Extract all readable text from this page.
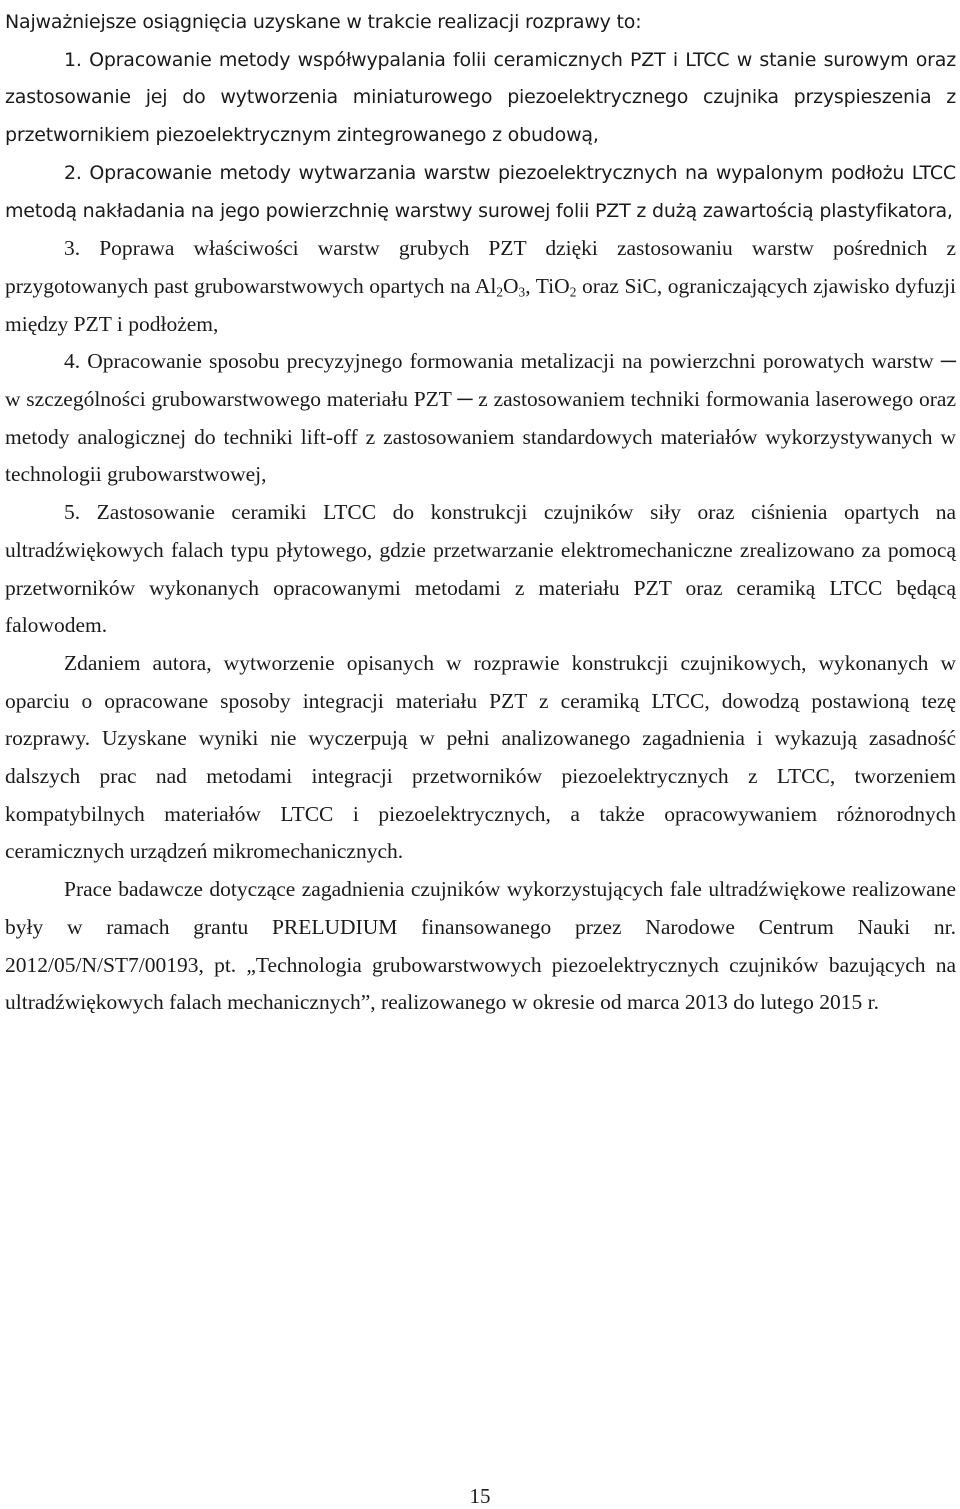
Najważniejsze osiągnięcia uzyskane w trakcie realizacji rozprawy to:

1. Opracowanie metody współwypalania folii ceramicznych PZT i LTCC w stanie surowym oraz zastosowanie jej do wytworzenia miniaturowego piezoelektrycznego czujnika przyspieszenia z przetwornikiem piezoelektrycznym zintegrowanego z obudową,

2. Opracowanie metody wytwarzania warstw piezoelektrycznych na wypalonym podłożu LTCC metodą nakładania na jego powierzchnię warstwy surowej folii PZT z dużą zawartością plastyfikatora,

3. Poprawa właściwości warstw grubych PZT dzięki zastosowaniu warstw pośrednich z przygotowanych past grubowarstwowych opartych na $Al_2O_3$, TiO$_2$ oraz SiC, ograniczających zjawisko dyfuzji między PZT i podłożem,

4. Opracowanie sposobu precyzyjnego formowania metalizacji na powierzchni porowatych warstw ─ w szczególności grubowarstwowego materiału PZT ─ z zastosowaniem techniki formowania laserowego oraz metody analogicznej do techniki lift-off z zastosowaniem standardowych materiałów wykorzystywanych w technologii grubowarstwowej,

5. Zastosowanie ceramiki LTCC do konstrukcji czujników siły oraz ciśnienia opartych na ultradźwiękowych falach typu płytowego, gdzie przetwarzanie elektromechaniczne zrealizowano za pomocą przetworników wykonanych opracowanymi metodami z materiału PZT oraz ceramiką LTCC będącą falowodem.

Zdaniem autora, wytworzenie opisanych w rozprawie konstrukcji czujnikowych, wykonanych w oparciu o opracowane sposoby integracji materiału PZT z ceramiką LTCC, dowodzą postawioną tezę rozprawy. Uzyskane wyniki nie wyczerpują w pełni analizowanego zagadnienia i wykazują zasadność dalszych prac nad metodami integracji przetworników piezoelektrycznych z LTCC, tworzeniem kompatybilnych materiałów LTCC i piezoelektrycznych, a także opracowywaniem różnorodnych ceramicznych urządzeń mikromechanicznych.

Prace badawcze dotyczące zagadnienia czujników wykorzystujących fale ultradźwiękowe realizowane były w ramach grantu PRELUDIUM finansowanego przez Narodowe Centrum Nauki nr. 2012/05/N/ST7/00193, pt. „Technologia grubowarstwowych piezoelektrycznych czujników bazujących na ultradźwiękowych falach mechanicznych”, realizowanego w okresie od marca 2013 do lutego 2015 r.

15
